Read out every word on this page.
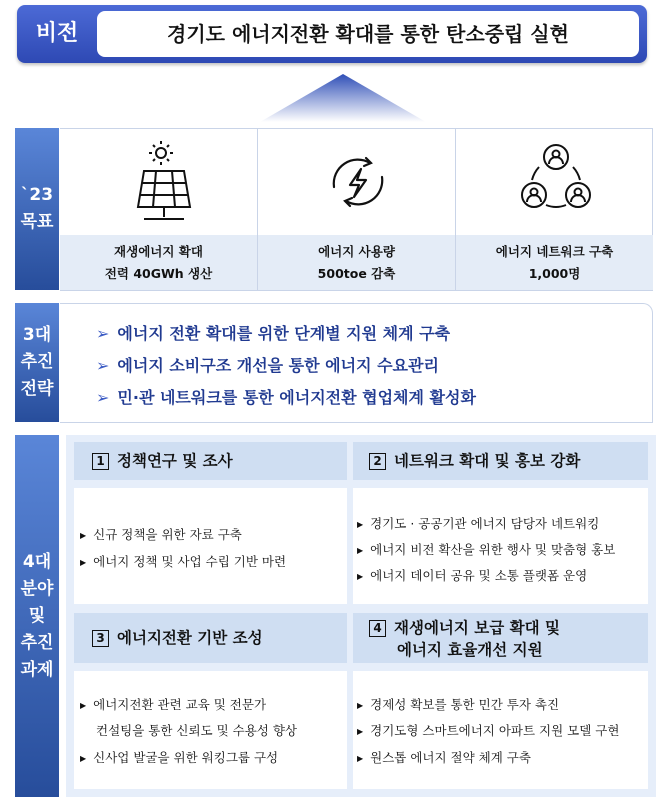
비전	경기도 에너지전환 확대를 통한 탄소중립 실현
`23
목표
재생에너지 확대
전력 40GWh 생산
에너지 사용량
500toe 감축
에너지 네트워크 구축
1,000명
3대
추진
전략
➢ 에너지 전환 확대를 위한 단계별 지원 체계 구축
➢ 에너지 소비구조 개선을 통한 에너지 수요관리
➢ 민·관 네트워크를 통한 에너지전환 협업체계 활성화
4대
분야
및
추진
과제
1 정책연구 및 조사
▶ 신규 정책을 위한 자료 구축
▶ 에너지 정책 및 사업 수립 기반 마련
2 네트워크 확대 및 홍보 강화
▶ 경기도 · 공공기관 에너지 담당자 네트워킹
▶ 에너지 비전 확산을 위한 행사 및 맞춤형 홍보
▶ 에너지 데이터 공유 및 소통 플랫폼 운영
3 에너지전환 기반 조성
▶ 에너지전환 관련 교육 및 전문가
컨설팅을 통한 신뢰도 및 수용성 향상
▶ 신사업 발굴을 위한 워킹그룹 구성
4 재생에너지 보급 확대 및
에너지 효율개선 지원
▶ 경제성 확보를 통한 민간 투자 촉진
▶ 경기도형 스마트에너지 아파트 지원 모델 구현
▶ 원스톱 에너지 절약 체계 구축
